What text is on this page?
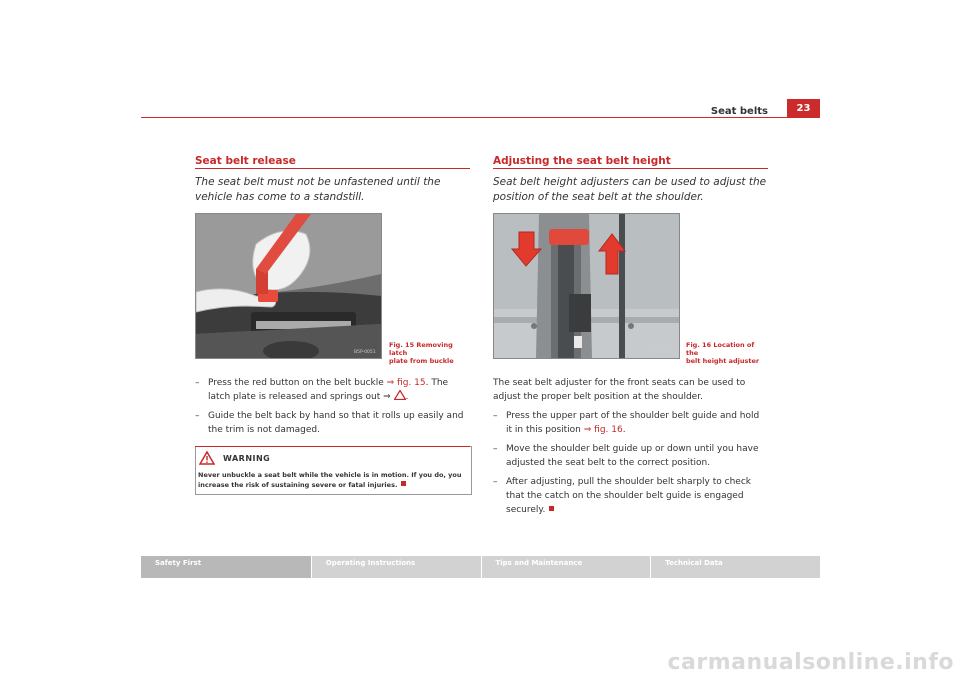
Seat belts	23
Seat belt release
The seat belt must not be unfastened until the vehicle has come to a standstill.
B5P-0051
Fig. 15 Removing latch
plate from buckle
– Press the red button on the belt buckle ⇒ fig. 15. The latch plate is released and springs out ⇒ .
– Guide the belt back by hand so that it rolls up easily and the trim is not damaged.
WARNING
Never unbuckle a seat belt while the vehicle is in motion. If you do, you increase the risk of sustaining severe or fatal injuries.
Adjusting the seat belt height
Seat belt height adjusters can be used to adjust the position of the seat belt at the shoulder.
B6L-0001
Fig. 16 Location of the
belt height adjuster
The seat belt adjuster for the front seats can be used to adjust the proper belt position at the shoulder.
– Press the upper part of the shoulder belt guide and hold it in this position ⇒ fig. 16.
– Move the shoulder belt guide up or down until you have adjusted the seat belt to the correct position.
– After adjusting, pull the shoulder belt sharply to check that the catch on the shoulder belt guide is engaged securely.
Safety First	Operating Instructions	Tips and Maintenance	Technical Data
carmanualsonline.info
